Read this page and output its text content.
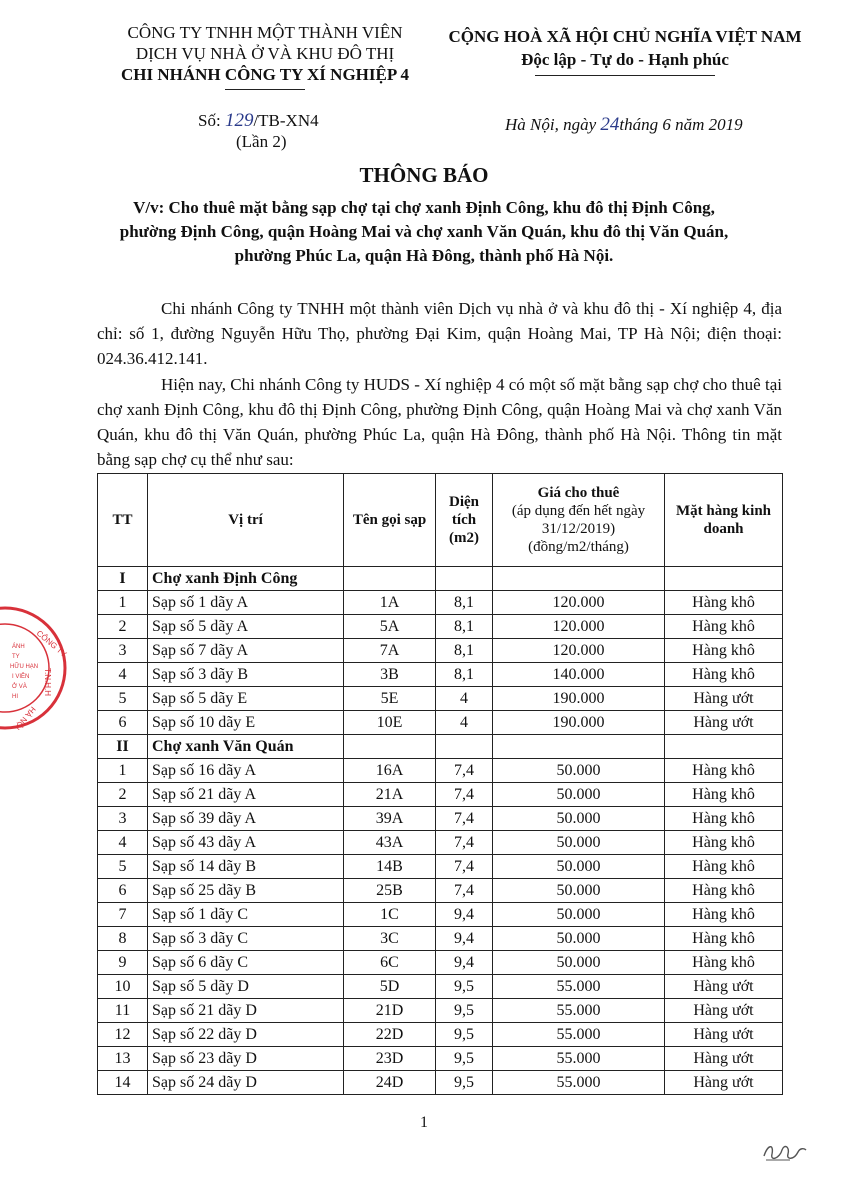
CÔNG TY TNHH MỘT THÀNH VIÊN
DỊCH VỤ NHÀ Ở VÀ KHU ĐÔ THỊ
CHI NHÁNH CÔNG TY XÍ NGHIỆP 4
CỘNG HOÀ XÃ HỘI CHỦ NGHĨA VIỆT NAM
Độc lập - Tự do - Hạnh phúc
Số: 129/TB-XN4
(Lần 2)
Hà Nội, ngày 24tháng 6 năm 2019
THÔNG BÁO
V/v: Cho thuê mặt bằng sạp chợ tại chợ xanh Định Công, khu đô thị Định Công,
phường Định Công, quận Hoàng Mai và chợ xanh Văn Quán, khu đô thị Văn Quán,
phường Phúc La, quận Hà Đông, thành phố Hà Nội.
Chi nhánh Công ty TNHH một thành viên Dịch vụ nhà ở và khu đô thị - Xí nghiệp 4, địa chỉ: số 1, đường Nguyễn Hữu Thọ, phường Đại Kim, quận Hoàng Mai, TP Hà Nội; điện thoại: 024.36.412.141.
Hiện nay, Chi nhánh Công ty HUDS - Xí nghiệp 4 có một số mặt bằng sạp chợ cho thuê tại chợ xanh Định Công, khu đô thị Định Công, phường Định Công, quận Hoàng Mai và chợ xanh Văn Quán, khu đô thị Văn Quán, phường Phúc La, quận Hà Đông, thành phố Hà Nội. Thông tin mặt bằng sạp chợ cụ thể như sau:
TT	Vị trí	Tên gọi sạp	Diện tích (m2)	Giá cho thuê
(áp dụng đến hết ngày 31/12/2019)
(đồng/m2/tháng)	Mặt hàng kinh doanh
I	Chợ xanh Định Công				
1	Sạp số 1 dãy A	1A	8,1	120.000	Hàng khô
2	Sạp số 5 dãy A	5A	8,1	120.000	Hàng khô
3	Sạp số 7 dãy A	7A	8,1	120.000	Hàng khô
4	Sạp số 3 dãy B	3B	8,1	140.000	Hàng khô
5	Sạp số 5 dãy E	5E	4	190.000	Hàng ướt
6	Sạp số 10 dãy E	10E	4	190.000	Hàng ướt
II	Chợ xanh Văn Quán				
1	Sạp số 16 dãy A	16A	7,4	50.000	Hàng khô
2	Sạp số 21 dãy A	21A	7,4	50.000	Hàng khô
3	Sạp số 39 dãy A	39A	7,4	50.000	Hàng khô
4	Sạp số 43 dãy A	43A	7,4	50.000	Hàng khô
5	Sạp số 14 dãy B	14B	7,4	50.000	Hàng khô
6	Sạp số 25 dãy B	25B	7,4	50.000	Hàng khô
7	Sạp số 1 dãy C	1C	9,4	50.000	Hàng khô
8	Sạp số 3 dãy C	3C	9,4	50.000	Hàng khô
9	Sạp số 6 dãy C	6C	9,4	50.000	Hàng khô
10	Sạp số 5 dãy D	5D	9,5	55.000	Hàng ướt
11	Sạp số 21 dãy D	21D	9,5	55.000	Hàng ướt
12	Sạp số 22 dãy D	22D	9,5	55.000	Hàng ướt
13	Sạp số 23 dãy D	23D	9,5	55.000	Hàng ướt
14	Sạp số 24 dãy D	24D	9,5	55.000	Hàng ướt
CÔNG TY
T.N.H.H
HÀ NỘI
ÁNH
TY
HỮU HẠN
I VIÊN
Ở VÀ
HI
1
